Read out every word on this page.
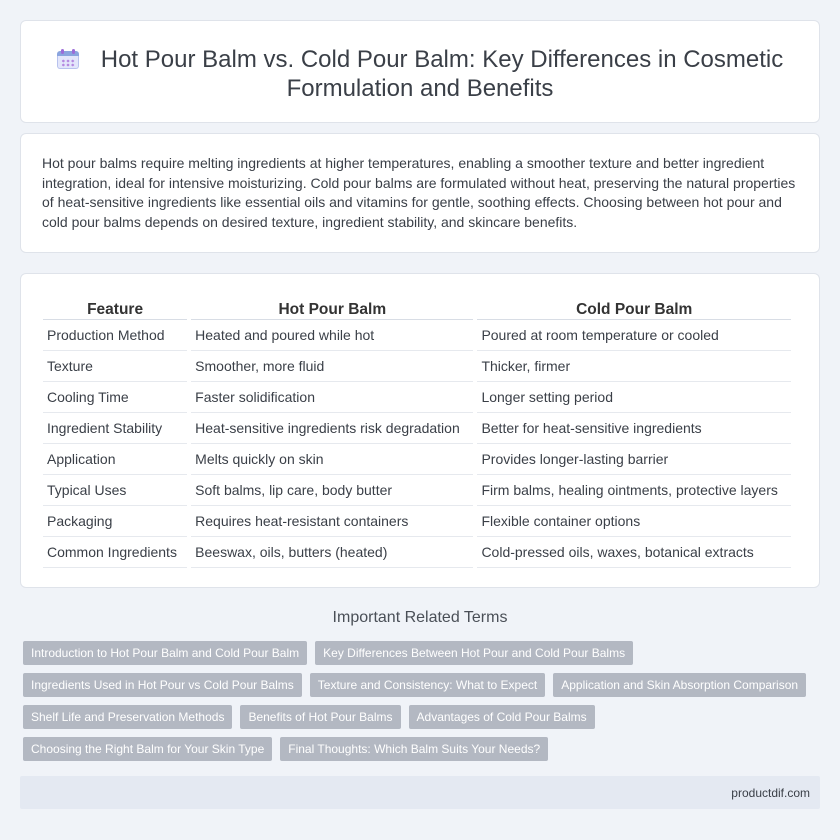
Hot Pour Balm vs. Cold Pour Balm: Key Differences in Cosmetic Formulation and Benefits

Hot pour balms require melting ingredients at higher temperatures, enabling a smoother texture and better ingredient integration, ideal for intensive moisturizing. Cold pour balms are formulated without heat, preserving the natural properties of heat-sensitive ingredients like essential oils and vitamins for gentle, soothing effects. Choosing between hot pour and cold pour balms depends on desired texture, ingredient stability, and skincare benefits.

Feature	Hot Pour Balm	Cold Pour Balm
Production Method	Heated and poured while hot	Poured at room temperature or cooled
Texture	Smoother, more fluid	Thicker, firmer
Cooling Time	Faster solidification	Longer setting period
Ingredient Stability	Heat-sensitive ingredients risk degradation	Better for heat-sensitive ingredients
Application	Melts quickly on skin	Provides longer-lasting barrier
Typical Uses	Soft balms, lip care, body butter	Firm balms, healing ointments, protective layers
Packaging	Requires heat-resistant containers	Flexible container options
Common Ingredients	Beeswax, oils, butters (heated)	Cold-pressed oils, waxes, botanical extracts
Important Related Terms
Introduction to Hot Pour Balm and Cold Pour Balm	Key Differences Between Hot Pour and Cold Pour Balms
Ingredients Used in Hot Pour vs Cold Pour Balms	Texture and Consistency: What to Expect	Application and Skin Absorption Comparison
Shelf Life and Preservation Methods	Benefits of Hot Pour Balms	Advantages of Cold Pour Balms
Choosing the Right Balm for Your Skin Type	Final Thoughts: Which Balm Suits Your Needs?
productdif.com
